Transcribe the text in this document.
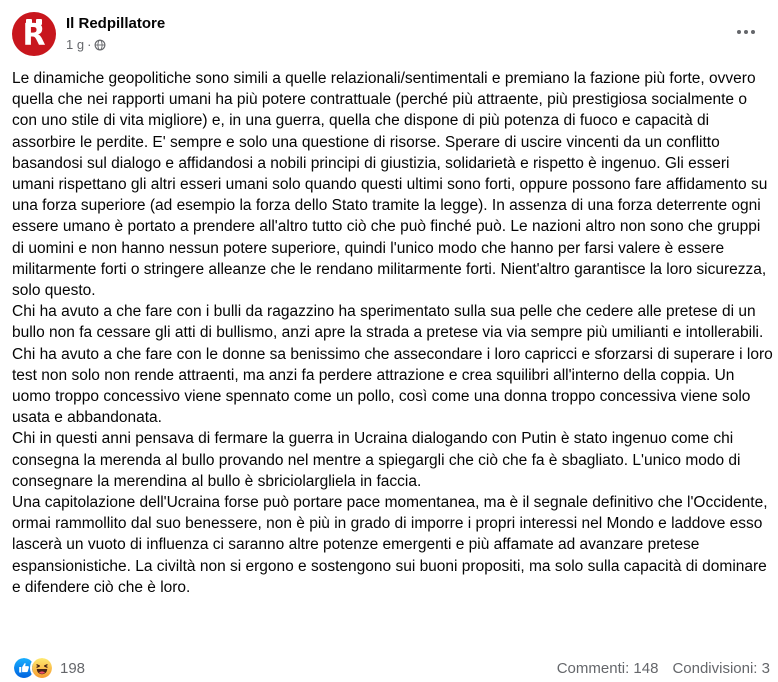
R Il Redpillatore
1 g ·

Le dinamiche geopolitiche sono simili a quelle relazionali/sentimentali e premiano la fazione più forte, ovvero quella che nei rapporti umani ha più potere contrattuale (perché più attraente, più prestigiosa socialmente o con uno stile di vita migliore) e, in una guerra, quella che dispone di più potenza di fuoco e capacità di assorbire le perdite. E' sempre e solo una questione di risorse. Sperare di uscire vincenti da un conflitto basandosi sul dialogo e affidandosi a nobili principi di giustizia, solidarietà e rispetto è ingenuo. Gli esseri umani rispettano gli altri esseri umani solo quando questi ultimi sono forti, oppure possono fare affidamento su una forza superiore (ad esempio la forza dello Stato tramite la legge). In assenza di una forza deterrente ogni essere umano è portato a prendere all'altro tutto ciò che può finché può. Le nazioni altro non sono che gruppi di uomini e non hanno nessun potere superiore, quindi l'unico modo che hanno per farsi valere è essere militarmente forti o stringere alleanze che le rendano militarmente forti. Nient'altro garantisce la loro sicurezza, solo questo.

Chi ha avuto a che fare con i bulli da ragazzino ha sperimentato sulla sua pelle che cedere alle pretese di un bullo non fa cessare gli atti di bullismo, anzi apre la strada a pretese via via sempre più umilianti e intollerabili.

Chi ha avuto a che fare con le donne sa benissimo che assecondare i loro capricci e sforzarsi di superare i loro test non solo non rende attraenti, ma anzi fa perdere attrazione e crea squilibri all'interno della coppia. Un uomo troppo concessivo viene spennato come un pollo, così come una donna troppo concessiva viene solo usata e abbandonata.

Chi in questi anni pensava di fermare la guerra in Ucraina dialogando con Putin è stato ingenuo come chi consegna la merenda al bullo provando nel mentre a spiegargli che ciò che fa è sbagliato. L'unico modo di consegnare la merendina al bullo è sbriciolargliela in faccia.

Una capitolazione dell'Ucraina forse può portare pace momentanea, ma è il segnale definitivo che l'Occidente, ormai rammollito dal suo benessere, non è più in grado di imporre i propri interessi nel Mondo e laddove esso lascerà un vuoto di influenza ci saranno altre potenze emergenti e più affamate ad avanzare pretese espansionistiche. La civiltà non si ergono e sostengono sui buoni propositi, ma solo sulla capacità di dominare e difendere ciò che è loro.

198	Commenti: 148 Condivisioni: 3
